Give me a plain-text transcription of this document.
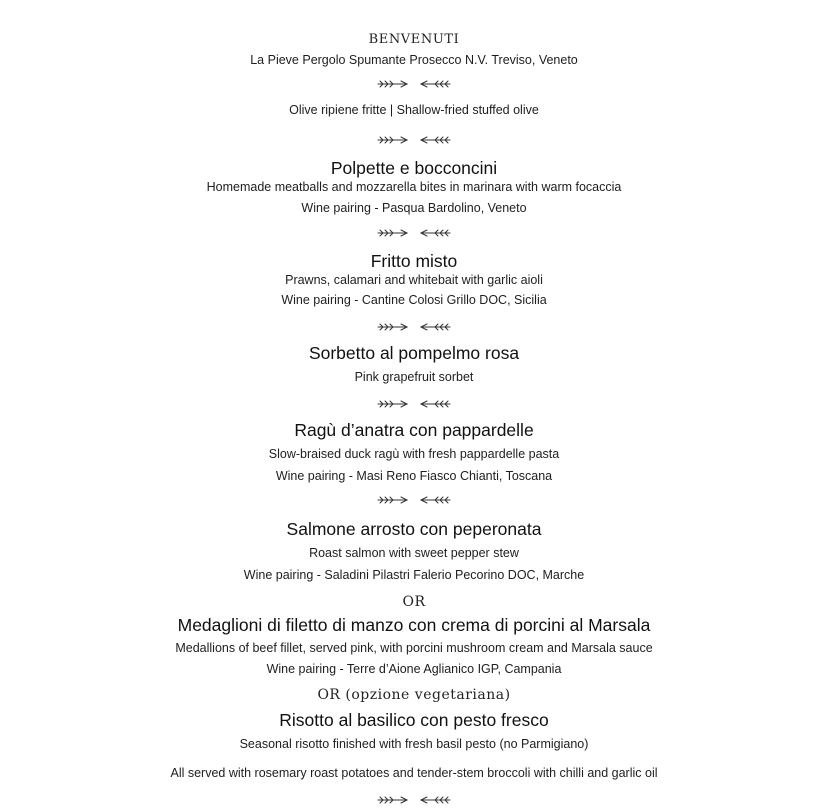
BENVENUTI
La Pieve Pergolo Spumante Prosecco N.V. Treviso, Veneto
Olive ripiene fritte | Shallow-fried stuffed olive
Polpette e bocconcini
Homemade meatballs and mozzarella bites in marinara with warm focaccia
Wine pairing - Pasqua Bardolino, Veneto
Fritto misto
Prawns, calamari and whitebait with garlic aioli
Wine pairing - Cantine Colosi Grillo DOC, Sicilia
Sorbetto al pompelmo rosa
Pink grapefruit sorbet
Ragù d’anatra con pappardelle
Slow-braised duck ragù with fresh pappardelle pasta
Wine pairing - Masi Reno Fiasco Chianti, Toscana
Salmone arrosto con peperonata
Roast salmon with sweet pepper stew
Wine pairing - Saladini Pilastri Falerio Pecorino DOC, Marche
OR
Medaglioni di filetto di manzo con crema di porcini al Marsala
Medallions of beef fillet, served pink, with porcini mushroom cream and Marsala sauce
Wine pairing - Terre d’Aione Aglianico IGP, Campania
OR (opzione vegetariana)
Risotto al basilico con pesto fresco
Seasonal risotto finished with fresh basil pesto (no Parmigiano)
All served with rosemary roast potatoes and tender-stem broccoli with chilli and garlic oil
